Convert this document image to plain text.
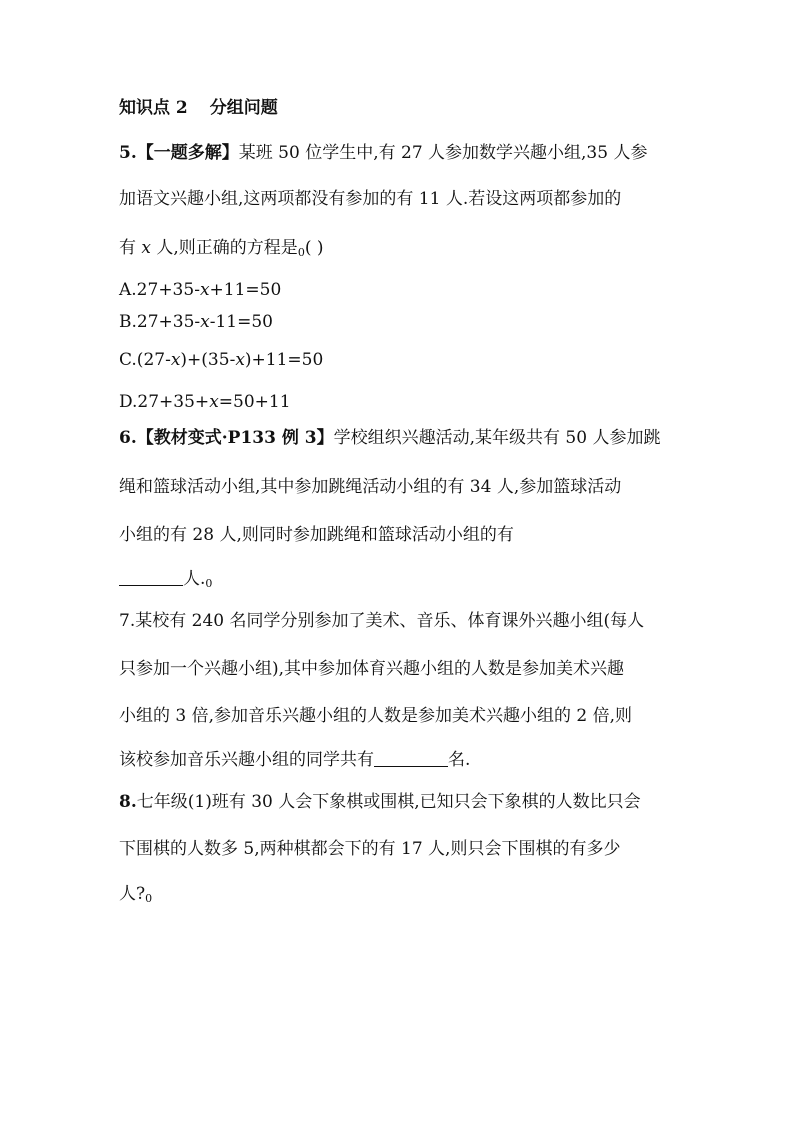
知识点 2 分组问题
5.【一题多解】某班 50 位学生中,有 27 人参加数学兴趣小组,35 人参
加语文兴趣小组,这两项都没有参加的有 11 人.若设这两项都参加的
有 x 人,则正确的方程是$_0$( )
A.27+35-x+11=50
B.27+35-x-11=50
C.(27-x)+(35-x)+11=50
D.27+35+x=50+11
6.【教材变式·P133 例 3】学校组织兴趣活动,某年级共有 50 人参加跳
绳和篮球活动小组,其中参加跳绳活动小组的有 34 人,参加篮球活动
小组的有 28 人,则同时参加跳绳和篮球活动小组的有
人$._0$
7.某校有 240 名同学分别参加了美术、音乐、体育课外兴趣小组(每人
只参加一个兴趣小组),其中参加体育兴趣小组的人数是参加美术兴趣
小组的 3 倍,参加音乐兴趣小组的人数是参加美术兴趣小组的 2 倍,则
该校参加音乐兴趣小组的同学共有	名.
8.七年级(1)班有 30 人会下象棋或围棋,已知只会下象棋的人数比只会
下围棋的人数多 5,两种棋都会下的有 17 人,则只会下围棋的有多少
人$?_0$
